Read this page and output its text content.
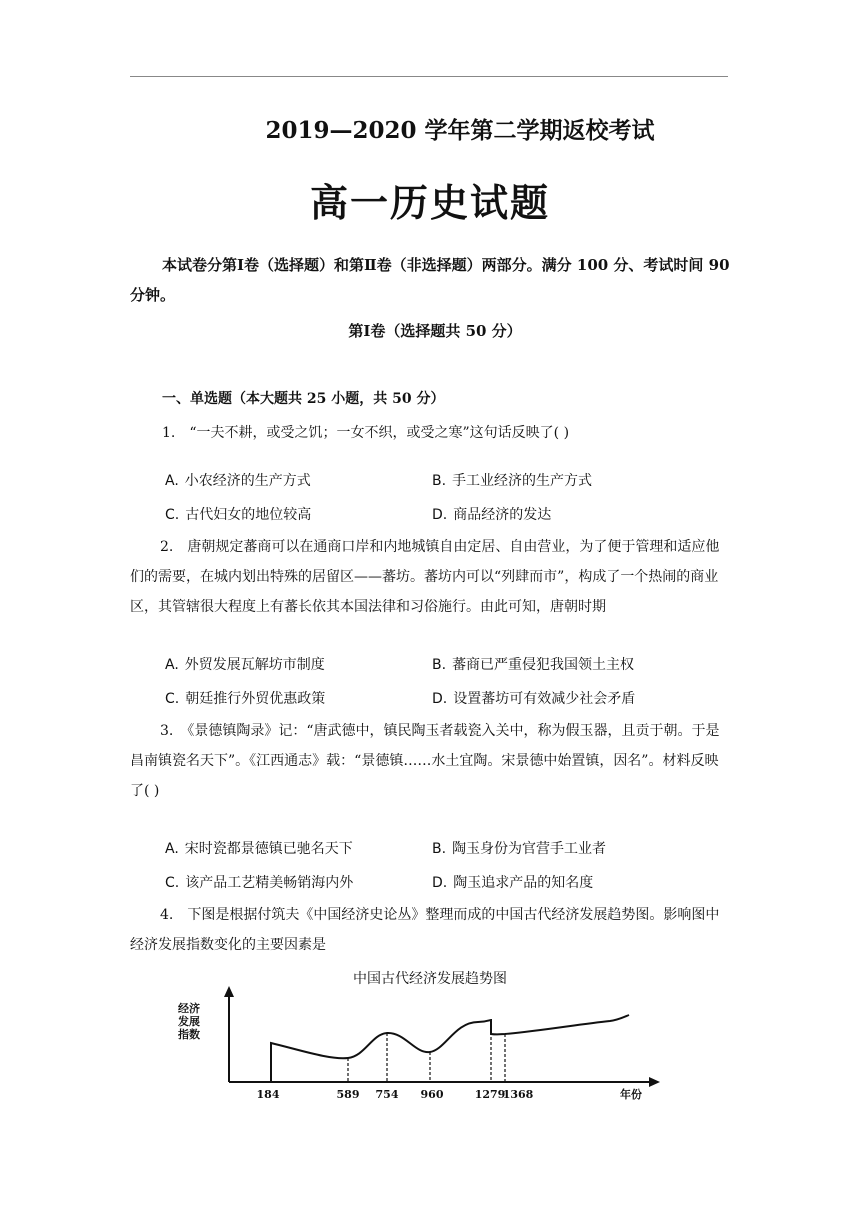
2019—2020 学年第二学期返校考试
高一历史试题
本试卷分第Ⅰ卷（选择题）和第Ⅱ卷（非选择题）两部分。满分 100 分、考试时间 90 分钟。
第Ⅰ卷（选择题共 50 分）
一、单选题（本大题共 25 小题，共 50 分）
1.　“一夫不耕，或受之饥；一女不织，或受之寒”这句话反映了( )
A. 小农经济的生产方式	B. 手工业经济的生产方式
C. 古代妇女的地位较高	D. 商品经济的发达
2.　唐朝规定蕃商可以在通商口岸和内地城镇自由定居、自由营业，为了便于管理和适应他们的需要，在城内划出特殊的居留区——蕃坊。蕃坊内可以“列肆而市”，构成了一个热闹的商业区，其管辖很大程度上有蕃长依其本国法律和习俗施行。由此可知，唐朝时期
A. 外贸发展瓦解坊市制度	B. 蕃商已严重侵犯我国领土主权
C. 朝廷推行外贸优惠政策	D. 设置蕃坊可有效减少社会矛盾
3.　《景德镇陶录》记：“唐武德中，镇民陶玉者载瓷入关中，称为假玉器，且贡于朝。于是昌南镇瓷名天下”。《江西通志》载：“景德镇……水土宜陶。宋景德中始置镇，因名”。材料反映了( )
A. 宋时瓷都景德镇已驰名天下	B. 陶玉身份为官营手工业者
C. 该产品工艺精美畅销海内外	D. 陶玉追求产品的知名度
4.　下图是根据付筑夫《中国经济史论丛》整理而成的中国古代经济发展趋势图。影响图中经济发展指数变化的主要因素是
中国古代经济发展趋势图
经济
发展
指数
年份
184	589 754 960	1279
1368
